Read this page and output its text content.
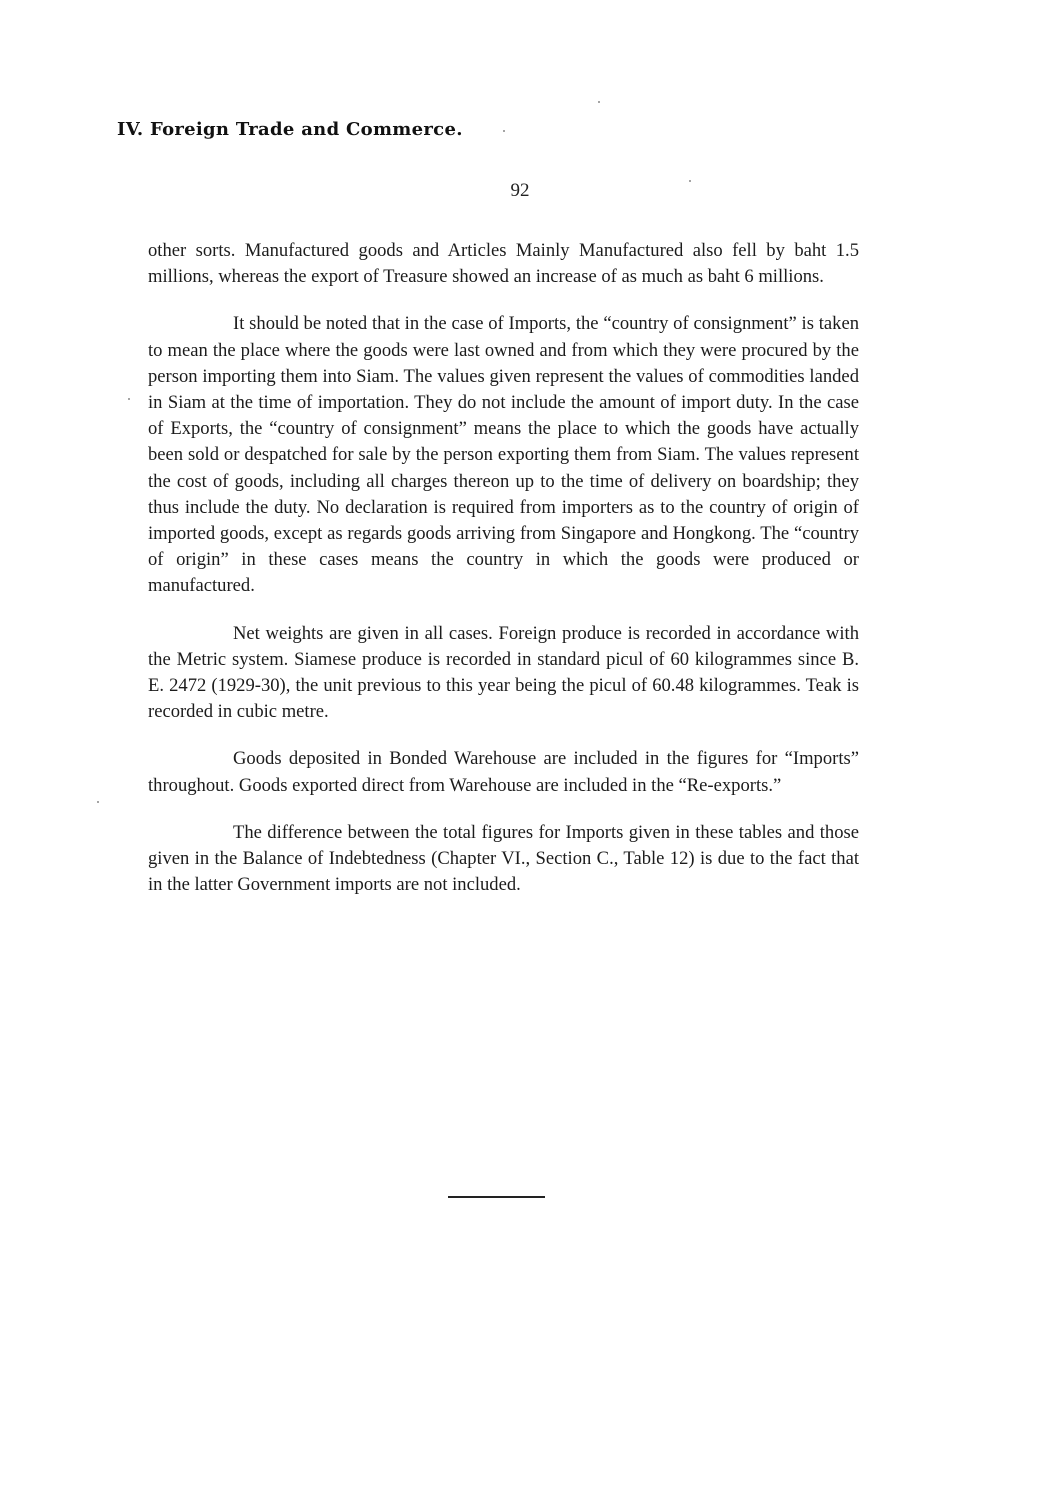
IV. Foreign Trade and Commerce.
92

other sorts. Manufactured goods and Articles Mainly Manufactured also fell by baht 1.5 millions, whereas the export of Treasure showed an increase of as much as baht 6 millions.

It should be noted that in the case of Imports, the “country of consignment” is taken to mean the place where the goods were last owned and from which they were procured by the person importing them into Siam. The values given represent the values of commodities landed in Siam at the time of importation. They do not include the amount of import duty. In the case of Exports, the “country of consignment” means the place to which the goods have actually been sold or despatched for sale by the person exporting them from Siam. The values represent the cost of goods, including all charges thereon up to the time of delivery on boardship; they thus include the duty. No declaration is required from importers as to the country of origin of imported goods, except as regards goods arriving from Singapore and Hongkong. The “country of origin” in these cases means the country in which the goods were produced or manufactured.

Net weights are given in all cases. Foreign produce is recorded in accordance with the Metric system. Siamese produce is recorded in standard picul of 60 kilogrammes since B. E. 2472 (1929-30), the unit previous to this year being the picul of 60.48 kilogrammes. Teak is recorded in cubic metre.

Goods deposited in Bonded Warehouse are included in the figures for “Imports” throughout. Goods exported direct from Warehouse are included in the “Re-exports.”

The difference between the total figures for Imports given in these tables and those given in the Balance of Indebtedness (Chapter VI., Section C., Table 12) is due to the fact that in the latter Government imports are not included.
